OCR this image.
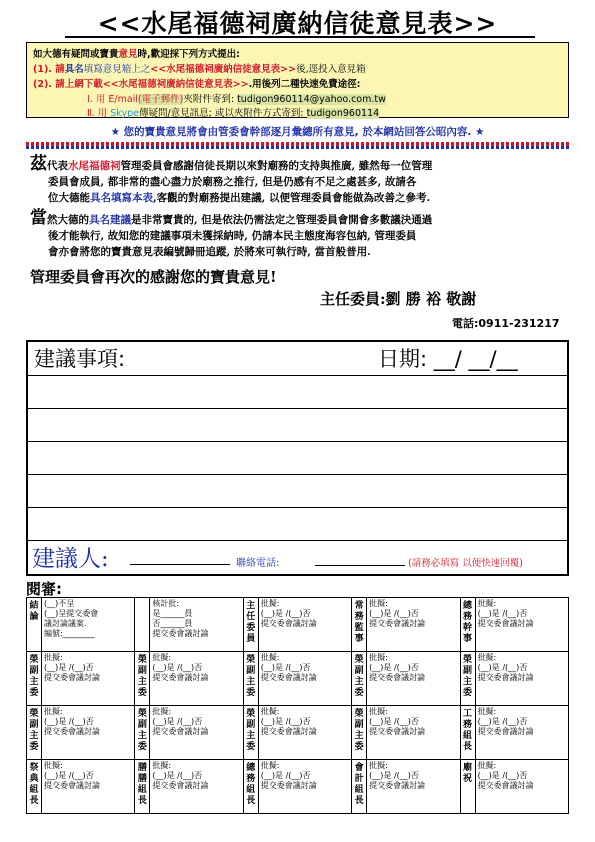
<<水尾福德祠廣納信徒意見表>>
如大德有疑問或寶貴意見時,歡迎採下列方式提出:
(1). 請具名填寫意見箱上之<<水尾福德祠廣納信徒意見表>>後,逕投入意見箱
(2). 請上網下載<<水尾福德祠廣納信徒意見表>>.用後列二種快速免費途徑:
Ⅰ. 用 E/mail(電子郵件)夾附件寄到: tudigon960114@yahoo.com.tw
Ⅱ. 用 Skype傳疑問/意見訊息; 或以夾附件方式寄到: tudigon960114
★ 您的寶貴意見將會由管委會幹部逐月彙總所有意見, 於本網站回答公昭內容. ★
茲代表水尾福德祠管理委員會感謝信徒長期以來對廟務的支持與推廣, 雖然每一位管理
委員會成員, 都非常的盡心盡力於廟務之推行, 但是仍感有不足之處甚多, 故請各
位大德能具名填寫本表,客觀的對廟務提出建議, 以便管理委員會能做為改善之參考.
當然大德的具名建議是非常寶貴的, 但是依法仍需法定之管理委員會開會多數議決通過
後才能執行, 故知您的建議事項未獲採納時, 仍請本民主態度海容包納, 管理委員
會亦會將您的寶貴意見表編號歸冊追蹤, 於將來可執行時, 當首般普用.
管理委員會再次的感謝您的寶貴意見!
主任委員:劉 勝 裕 敬謝
電話:0911-231217
建議事項:	日期: __/ __/__
建議人:	聯絡電話:	(請務必填寫 以便快速回覆)
閱審:
結
論	(__)不呈
(__)呈提交委會
議討論議案.
編號:________		核計批:
是______員
否______員
提交委會議討論	主
任
委
員	批擬:
(__)是 /(__)否
提交委會議討論	常
務
監
事	批擬:
(__)是 /(__)否
提交委會議討論	總
務
幹
事	批擬:
(__)是 /(__)否
提交委會議討論

榮
副
主
委	批擬:
(__)是 /(__)否
提交委會議討論	榮
副
主
委	批擬:
(__)是 /(__)否
提交委會議討論	榮
副
主
委	批擬:
(__)是 /(__)否
提交委會議討論	榮
副
主
委	批擬:
(__)是 /(__)否
提交委會議討論	榮
副
主
委	批擬:
(__)是 /(__)否
提交委會議討論

榮
副
主
委	批擬:
(__)是 /(__)否
提交委會議討論	榮
副
主
委	批擬:
(__)是 /(__)否
提交委會議討論	榮
副
主
委	批擬:
(__)是 /(__)否
提交委會議討論	榮
副
主
委	批擬:
(__)是 /(__)否
提交委會議討論	工
務
組
長	批擬:
(__)是 /(__)否
提交委會議討論

祭
典
組
長	批擬:
(__)是 /(__)否
提交委會議討論	膳
膳
組
長	批擬:
(__)是 /(__)否
提交委會議討論	總
務
組
長	批擬:
(__)是 /(__)否
提交委會議討論	會
計
組
長	批擬:
(__)是 /(__)否
提交委會議討論	廟
祝	批擬:
(__)是 /(__)否
提交委會議討論
